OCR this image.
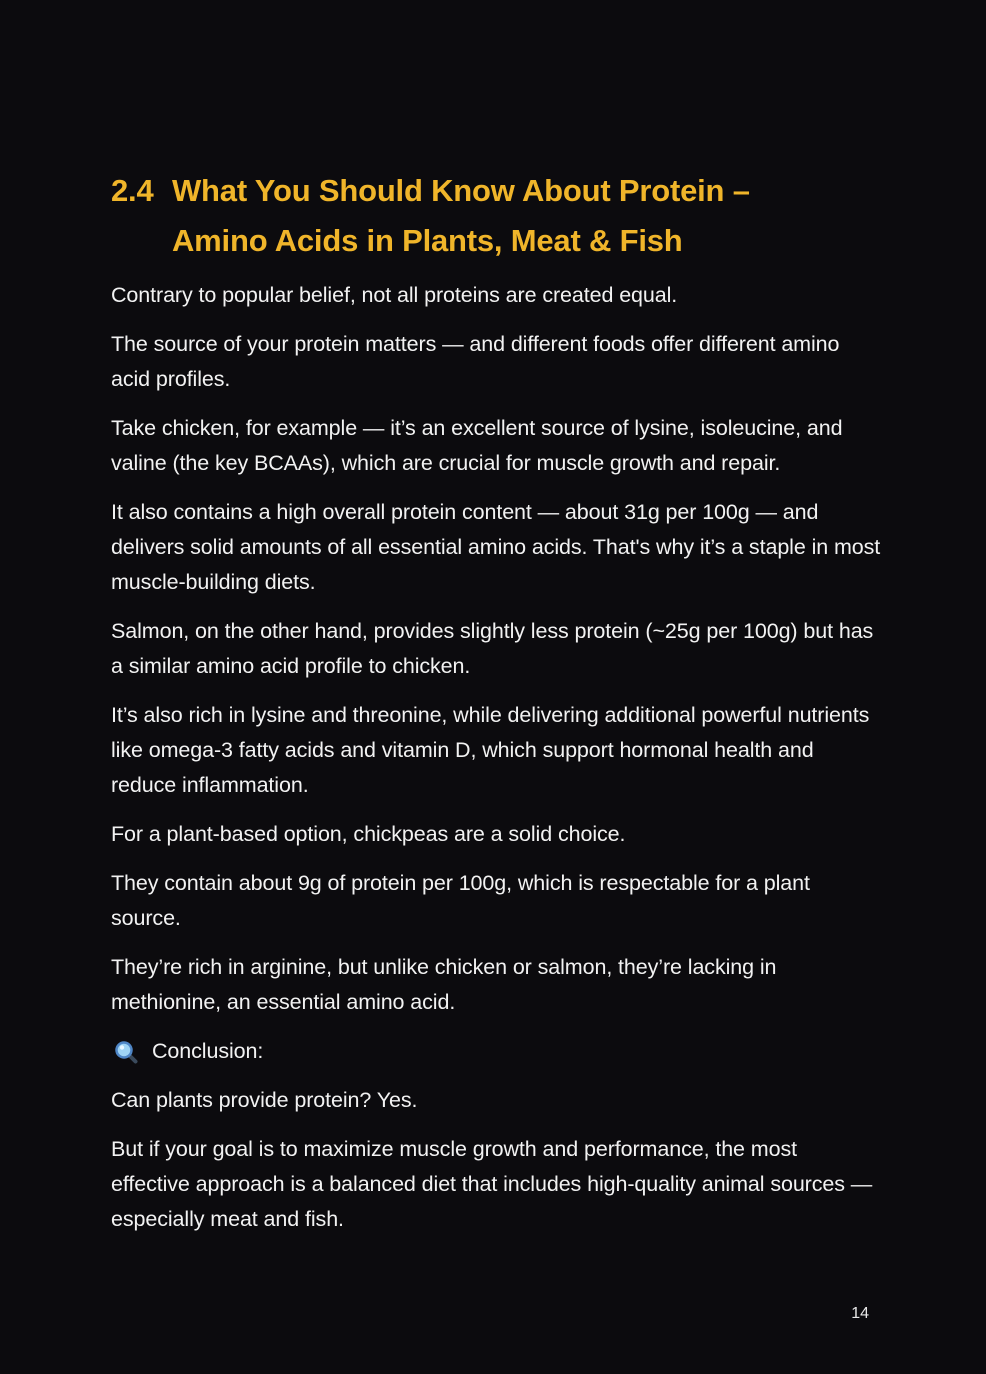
2.4 What You Should Know About Protein –
Amino Acids in Plants, Meat & Fish

Contrary to popular belief, not all proteins are created equal.

The source of your protein matters — and different foods offer different amino acid profiles.

Take chicken, for example — it’s an excellent source of lysine, isoleucine, and valine (the key BCAAs), which are crucial for muscle growth and repair.

It also contains a high overall protein content — about 31g per 100g — and delivers solid amounts of all essential amino acids. That's why it’s a staple in most muscle-building diets.

Salmon, on the other hand, provides slightly less protein (~25g per 100g) but has a similar amino acid profile to chicken.

It’s also rich in lysine and threonine, while delivering additional powerful nutrients like omega-3 fatty acids and vitamin D, which support hormonal health and reduce inflammation.

For a plant-based option, chickpeas are a solid choice.

They contain about 9g of protein per 100g, which is respectable for a plant source.

They’re rich in arginine, but unlike chicken or salmon, they’re lacking in methionine, an essential amino acid.

Conclusion:

Can plants provide protein? Yes.

But if your goal is to maximize muscle growth and performance, the most effective approach is a balanced diet that includes high-quality animal sources — especially meat and fish.

14
